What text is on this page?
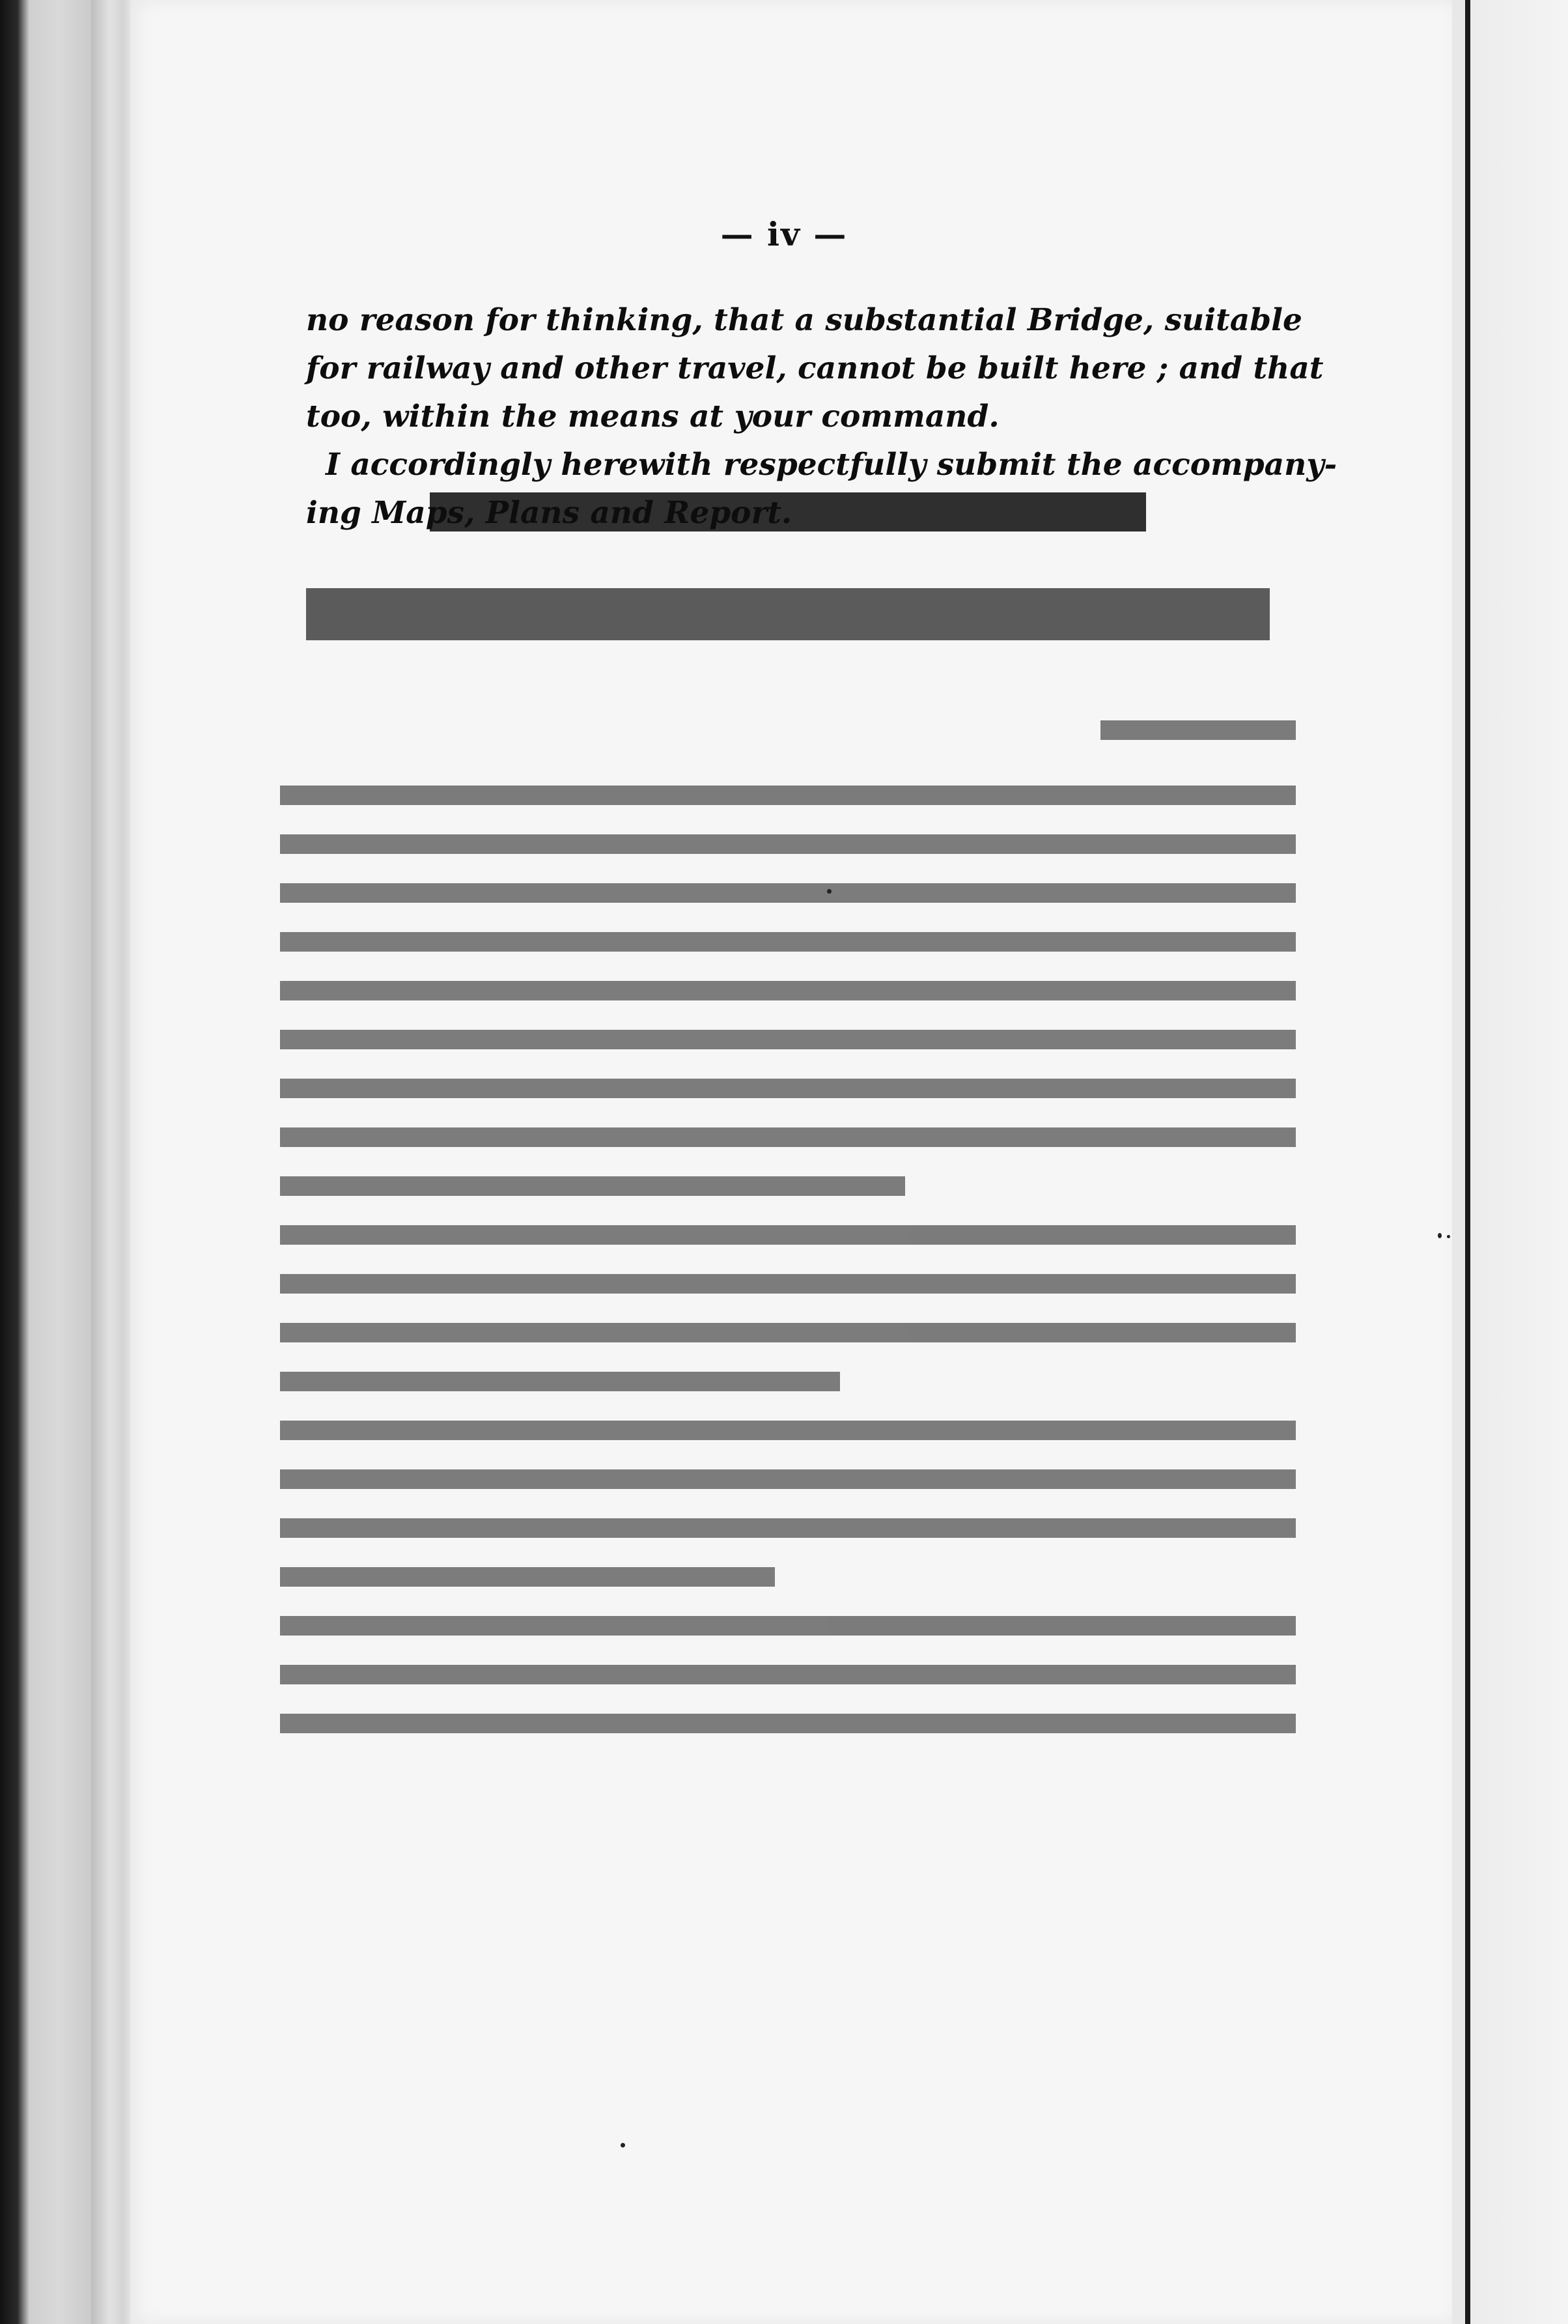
— iv —

no reason for thinking, that a substantial Bridge, suitable
for railway and other travel, cannot be built here ; and that
too, within the means at your command.

I accordingly herewith respectfully submit the accompany-
ing Maps, Plans and Report.
